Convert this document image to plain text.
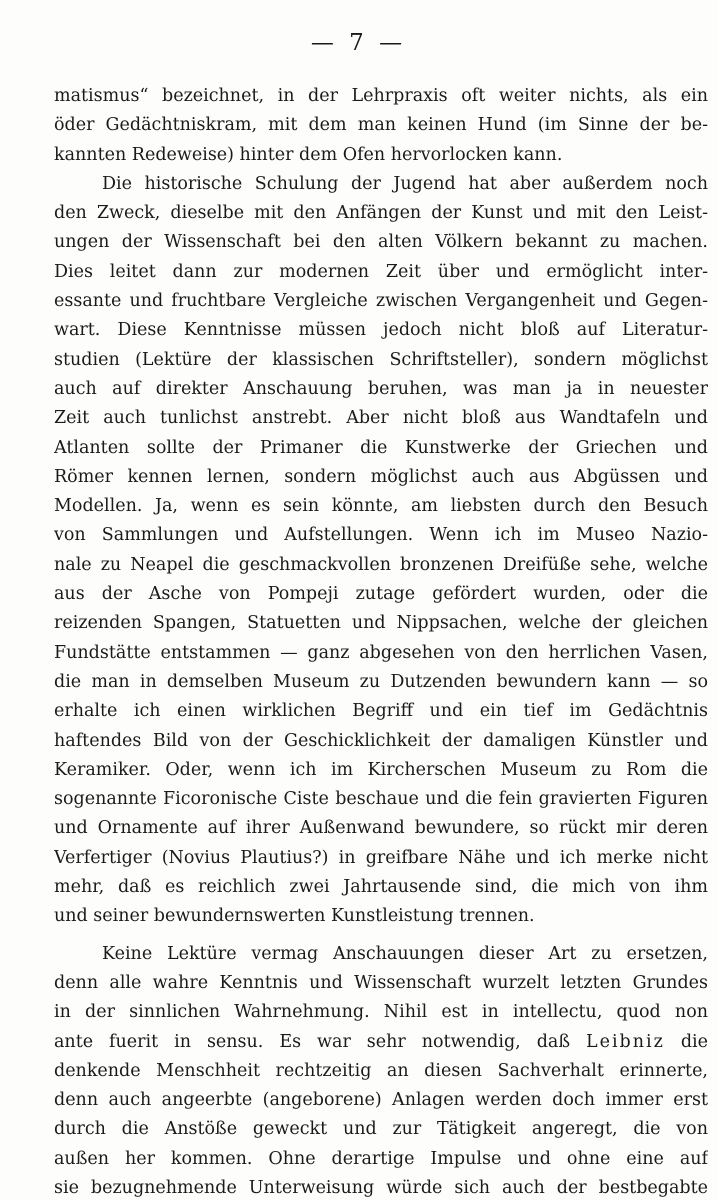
— 7 —
matismus“ bezeichnet, in der Lehrpraxis oft weiter nichts, als ein
öder Gedächtniskram, mit dem man keinen Hund (im Sinne der be-
kannten Redeweise) hinter dem Ofen hervorlocken kann.
Die historische Schulung der Jugend hat aber außerdem noch
den Zweck, dieselbe mit den Anfängen der Kunst und mit den Leist-
ungen der Wissenschaft bei den alten Völkern bekannt zu machen.
Dies leitet dann zur modernen Zeit über und ermöglicht inter-
essante und fruchtbare Vergleiche zwischen Vergangenheit und Gegen-
wart. Diese Kenntnisse müssen jedoch nicht bloß auf Literatur-
studien (Lektüre der klassischen Schriftsteller), sondern möglichst
auch auf direkter Anschauung beruhen, was man ja in neuester
Zeit auch tunlichst anstrebt. Aber nicht bloß aus Wandtafeln und
Atlanten sollte der Primaner die Kunstwerke der Griechen und
Römer kennen lernen, sondern möglichst auch aus Abgüssen und
Modellen. Ja, wenn es sein könnte, am liebsten durch den Besuch
von Sammlungen und Aufstellungen. Wenn ich im Museo Nazio-
nale zu Neapel die geschmackvollen bronzenen Dreifüße sehe, welche
aus der Asche von Pompeji zutage gefördert wurden, oder die
reizenden Spangen, Statuetten und Nippsachen, welche der gleichen
Fundstätte entstammen — ganz abgesehen von den herrlichen Vasen,
die man in demselben Museum zu Dutzenden bewundern kann — so
erhalte ich einen wirklichen Begriff und ein tief im Gedächtnis
haftendes Bild von der Geschicklichkeit der damaligen Künstler und
Keramiker. Oder, wenn ich im Kircherschen Museum zu Rom die
sogenannte Ficoronische Ciste beschaue und die fein gravierten Figuren
und Ornamente auf ihrer Außenwand bewundere, so rückt mir deren
Verfertiger (Novius Plautius?) in greifbare Nähe und ich merke nicht
mehr, daß es reichlich zwei Jahrtausende sind, die mich von ihm
und seiner bewundernswerten Kunstleistung trennen.
Keine Lektüre vermag Anschauungen dieser Art zu ersetzen,
denn alle wahre Kenntnis und Wissenschaft wurzelt letzten Grundes
in der sinnlichen Wahrnehmung. Nihil est in intellectu, quod non
ante fuerit in sensu. Es war sehr notwendig, daß Leibniz die
denkende Menschheit rechtzeitig an diesen Sachverhalt erinnerte,
denn auch angeerbte (angeborene) Anlagen werden doch immer erst
durch die Anstöße geweckt und zur Tätigkeit angeregt, die von
außen her kommen. Ohne derartige Impulse und ohne eine auf
sie bezugnehmende Unterweisung würde sich auch der bestbegabte
